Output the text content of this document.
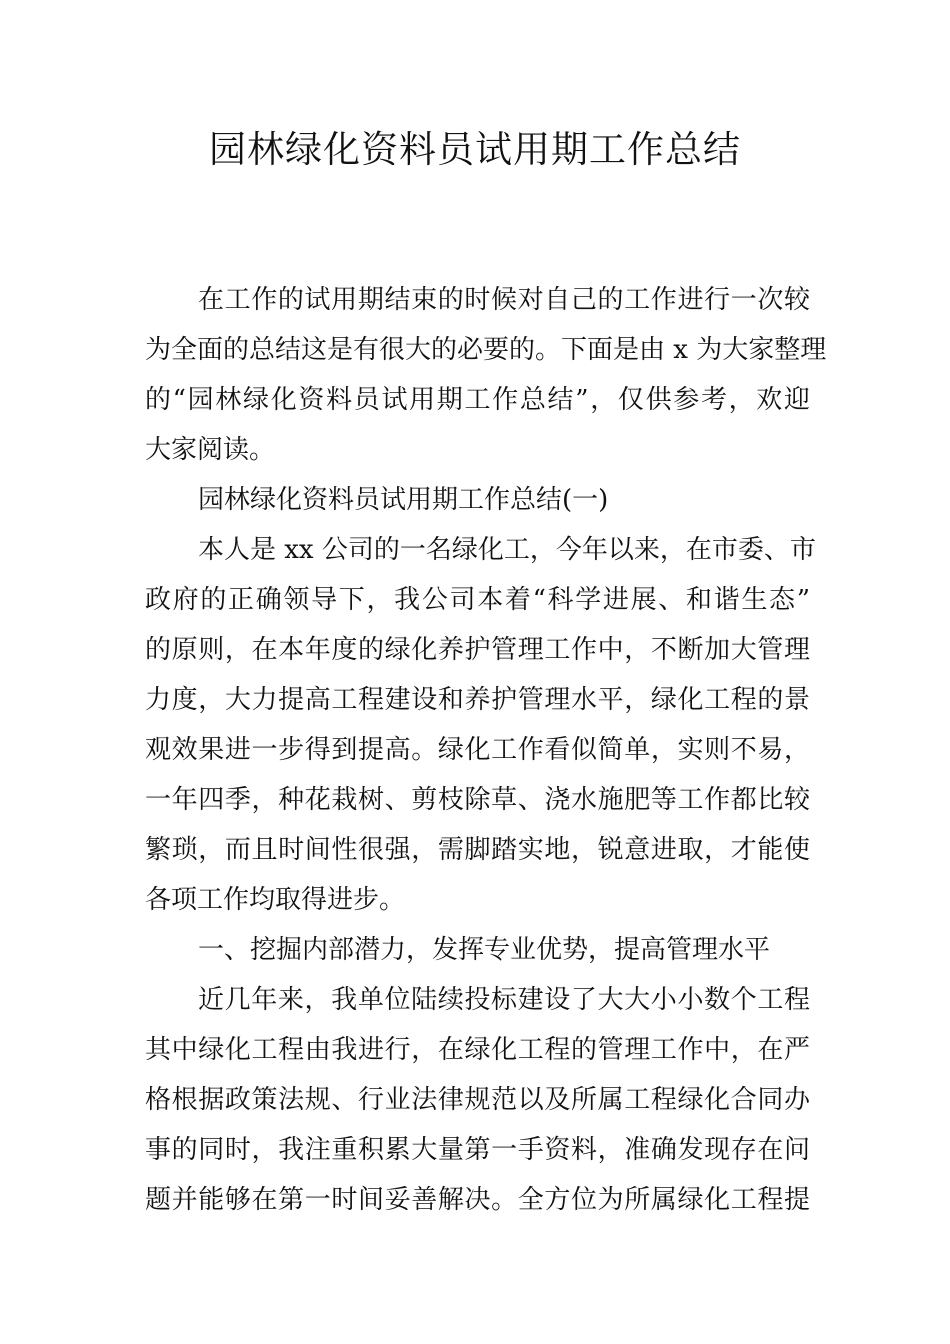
园林绿化资料员试用期工作总结
在工作的试用期结束的时候对自己的工作进行一次较
为全面的总结这是有很大的必要的。下面是由 x 为大家整理
的“园林绿化资料员试用期工作总结”，仅供参考，欢迎
大家阅读。
园林绿化资料员试用期工作总结(一)
本人是 xx 公司的一名绿化工，今年以来，在市委、市
政府的正确领导下，我公司本着“科学进展、和谐生态”
的原则，在本年度的绿化养护管理工作中，不断加大管理
力度，大力提高工程建设和养护管理水平，绿化工程的景
观效果进一步得到提高。绿化工作看似简单，实则不易，
一年四季，种花栽树、剪枝除草、浇水施肥等工作都比较
繁琐，而且时间性很强，需脚踏实地，锐意进取，才能使
各项工作均取得进步。
一、挖掘内部潜力，发挥专业优势，提高管理水平
近几年来，我单位陆续投标建设了大大小小数个工程
其中绿化工程由我进行，在绿化工程的管理工作中，在严
格根据政策法规、行业法律规范以及所属工程绿化合同办
事的同时，我注重积累大量第一手资料，准确发现存在问
题并能够在第一时间妥善解决。全方位为所属绿化工程提
